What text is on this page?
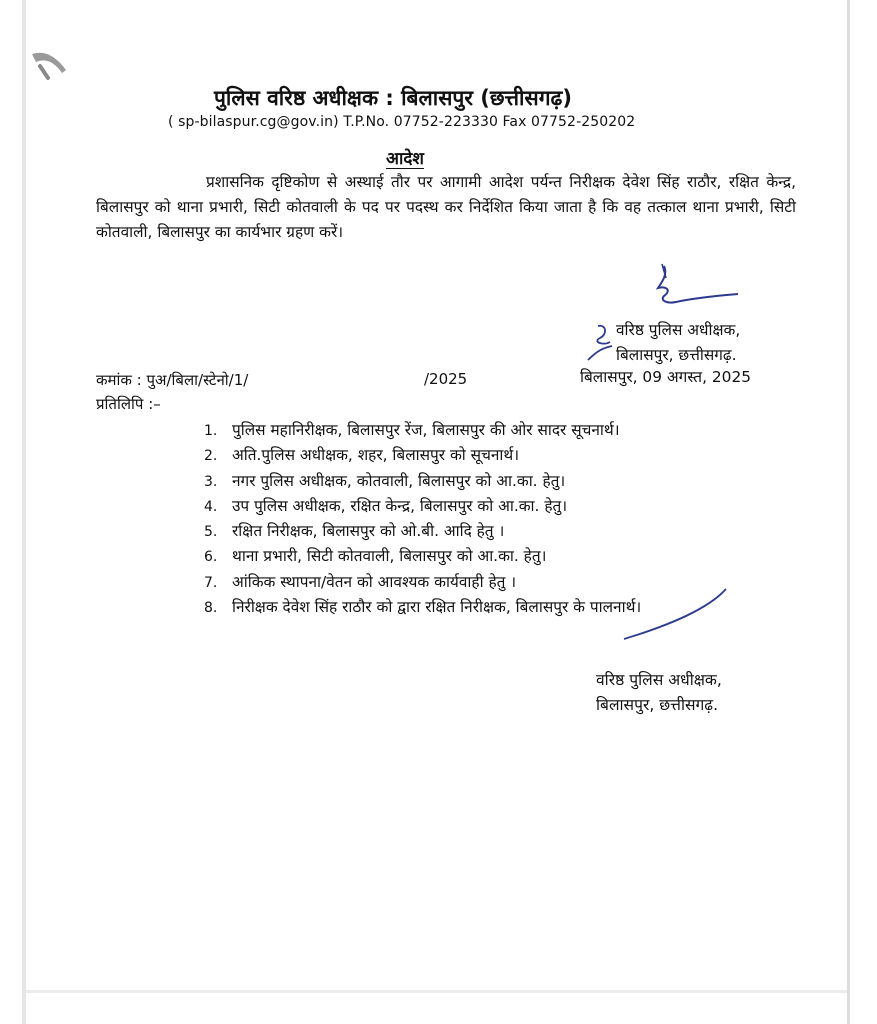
पुलिस वरिष्ठ अधीक्षक : बिलासपुर (छत्तीसगढ़)
( sp-bilaspur.cg@gov.in) T.P.No. 07752-223330 Fax 07752-250202
आदेश

प्रशासनिक दृष्टिकोण से अस्थाई तौर पर आगामी आदेश पर्यन्त निरीक्षक देवेश सिंह राठौर, रक्षित केन्द्र, बिलासपुर को थाना प्रभारी, सिटी कोतवाली के पद पर पदस्थ कर निर्देशित किया जाता है कि वह तत्काल थाना प्रभारी, सिटी कोतवाली, बिलासपुर का कार्यभार ग्रहण करें।

वरिष्ठ पुलिस अधीक्षक,
बिलासपुर, छत्तीसगढ़.
कमांक : पुअ/बिला/स्टेनो/1/	/2025	बिलासपुर, 09 अगस्त, 2025
प्रतिलिपि :–
1. पुलिस महानिरीक्षक, बिलासपुर रेंज, बिलासपुर की ओर सादर सूचनार्थ।
2. अति.पुलिस अधीक्षक, शहर, बिलासपुर को सूचनार्थ।
3. नगर पुलिस अधीक्षक, कोतवाली, बिलासपुर को आ.का. हेतु।
4. उप पुलिस अधीक्षक, रक्षित केन्द्र, बिलासपुर को आ.का. हेतु।
5. रक्षित निरीक्षक, बिलासपुर को ओ.बी. आदि हेतु ।
6. थाना प्रभारी, सिटी कोतवाली, बिलासपुर को आ.का. हेतु।
7. आंकिक स्थापना/वेतन को आवश्यक कार्यवाही हेतु ।
8. निरीक्षक देवेश सिंह राठौर को द्वारा रक्षित निरीक्षक, बिलासपुर के पालनार्थ।
वरिष्ठ पुलिस अधीक्षक,
बिलासपुर, छत्तीसगढ़.
